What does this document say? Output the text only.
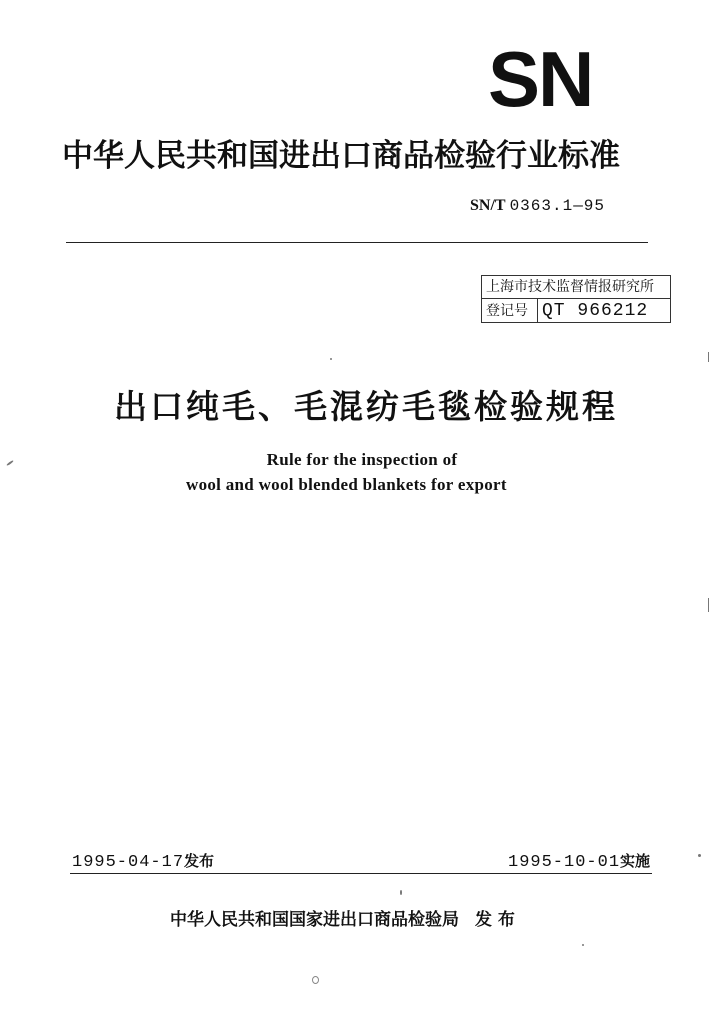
SN
中华人民共和国进出口商品检验行业标准
SN/T 0363.1—95
上海市技术监督情报研究所
登记号 QT 966212
出口纯毛、毛混纺毛毯检验规程
Rule for the inspection of
wool and wool blended blankets for export
1995-04-17发布	1995-10-01实施
中华人民共和国国家进出口商品检验局 发 布
